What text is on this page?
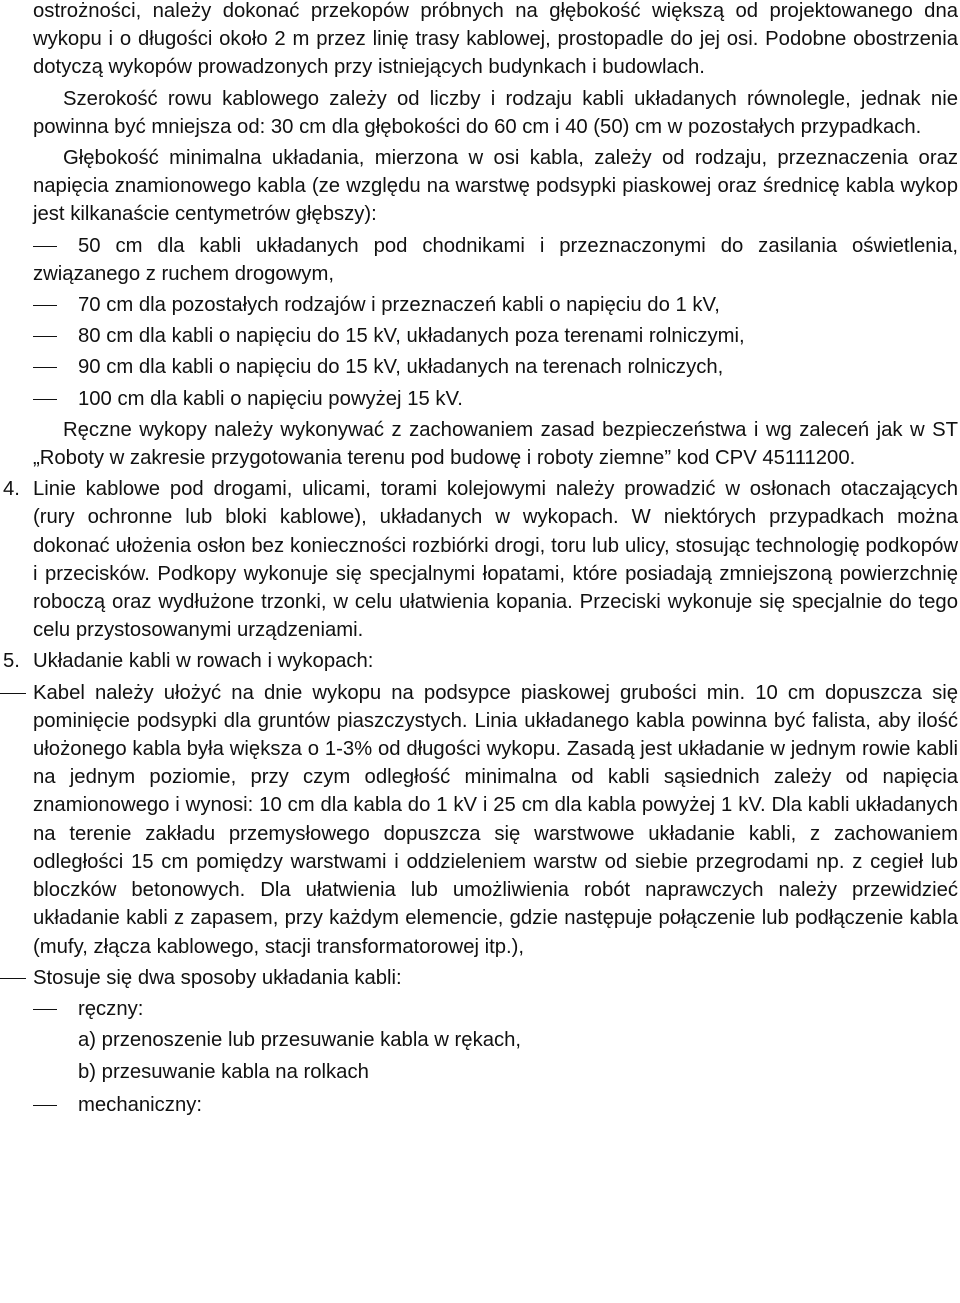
ostrożności, należy dokonać przekopów próbnych na głębokość większą od projektowanego dna wykopu i o długości około 2 m przez linię trasy kablowej, prostopadle do jej osi. Podobne obostrzenia dotyczą wykopów prowadzonych przy istniejących budynkach i budowlach.

Szerokość rowu kablowego zależy od liczby i rodzaju kabli układanych równolegle, jednak nie powinna być mniejsza od: 30 cm dla głębokości do 60 cm i 40 (50) cm w pozostałych przypadkach.

Głębokość minimalna układania, mierzona w osi kabla, zależy od rodzaju, przeznaczenia oraz napięcia znamionowego kabla (ze względu na warstwę podsypki piaskowej oraz średnicę kabla wykop jest kilkanaście centymetrów głębszy):

50 cm dla kabli układanych pod chodnikami i przeznaczonymi do zasilania oświetlenia, związanego z ruchem drogowym,
70 cm dla pozostałych rodzajów i przeznaczeń kabli o napięciu do 1 kV,
80 cm dla kabli o napięciu do 15 kV, układanych poza terenami rolniczymi,
90 cm dla kabli o napięciu do 15 kV, układanych na terenach rolniczych,
100 cm dla kabli o napięciu powyżej 15 kV.

Ręczne wykopy należy wykonywać z zachowaniem zasad bezpieczeństwa i wg zaleceń jak w ST „Roboty w zakresie przygotowania terenu pod budowę i roboty ziemne” kod CPV 45111200.

4. Linie kablowe pod drogami, ulicami, torami kolejowymi należy prowadzić w osłonach otaczających (rury ochronne lub bloki kablowe), układanych w wykopach. W niektórych przypadkach można dokonać ułożenia osłon bez konieczności rozbiórki drogi, toru lub ulicy, stosując technologię podkopów i przecisków. Podkopy wykonuje się specjalnymi łopatami, które posiadają zmniejszoną powierzchnię roboczą oraz wydłużone trzonki, w celu ułatwienia kopania. Przeciski wykonuje się specjalnie do tego celu przystosowanymi urządzeniami.
5. Układanie kabli w rowach i wykopach:
Kabel należy ułożyć na dnie wykopu na podsypce piaskowej grubości min. 10 cm dopuszcza się pominięcie podsypki dla gruntów piaszczystych. Linia układanego kabla powinna być falista, aby ilość ułożonego kabla była większa o 1-3% od długości wykopu. Zasadą jest układanie w jednym rowie kabli na jednym poziomie, przy czym odległość minimalna od kabli sąsiednich zależy od napięcia znamionowego i wynosi: 10 cm dla kabla do 1 kV i 25 cm dla kabla powyżej 1 kV. Dla kabli układanych na terenie zakładu przemysłowego dopuszcza się warstwowe układanie kabli, z zachowaniem odległości 15 cm pomiędzy warstwami i oddzieleniem warstw od siebie przegrodami np. z cegieł lub bloczków betonowych. Dla ułatwienia lub umożliwienia robót naprawczych należy przewidzieć układanie kabli z zapasem, przy każdym elemencie, gdzie następuje połączenie lub podłączenie kabla (mufy, złącza kablowego, stacji transformatorowej itp.),
Stosuje się dwa sposoby układania kabli:
ręczny:
a) przenoszenie lub przesuwanie kabla w rękach,
b) przesuwanie kabla na rolkach
mechaniczny:
